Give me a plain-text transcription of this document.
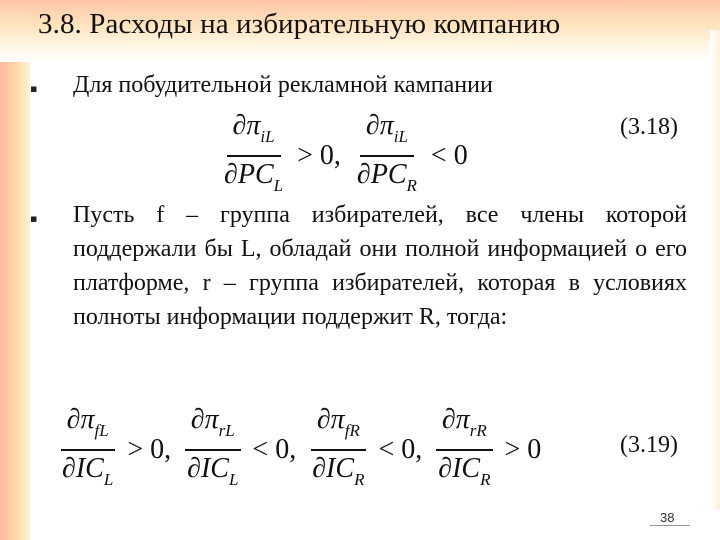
3.8. Расходы на избирательную компанию
▪ Для побудительной рекламной кампании
$\frac{\partial\pi_{iL}}{\partial PC_L} > 0$, $\frac{\partial\pi_{iL}}{\partial PC_R} < 0$
(3.18)
▪ Пусть f – группа избирателей, все члены которой поддержали бы L, обладай они полной информацией о его платформе, r – группа избирателей, которая в условиях полноты информации поддержит R, тогда:
$\frac{\partial\pi_{fL}}{\partial IC_L} > 0$, $\frac{\partial\pi_{rL}}{\partial IC_L} < 0$, $\frac{\partial\pi_{fR}}{\partial IC_R} < 0$, $\frac{\partial\pi_{rR}}{\partial IC_R} > 0$	(3.19)
38
